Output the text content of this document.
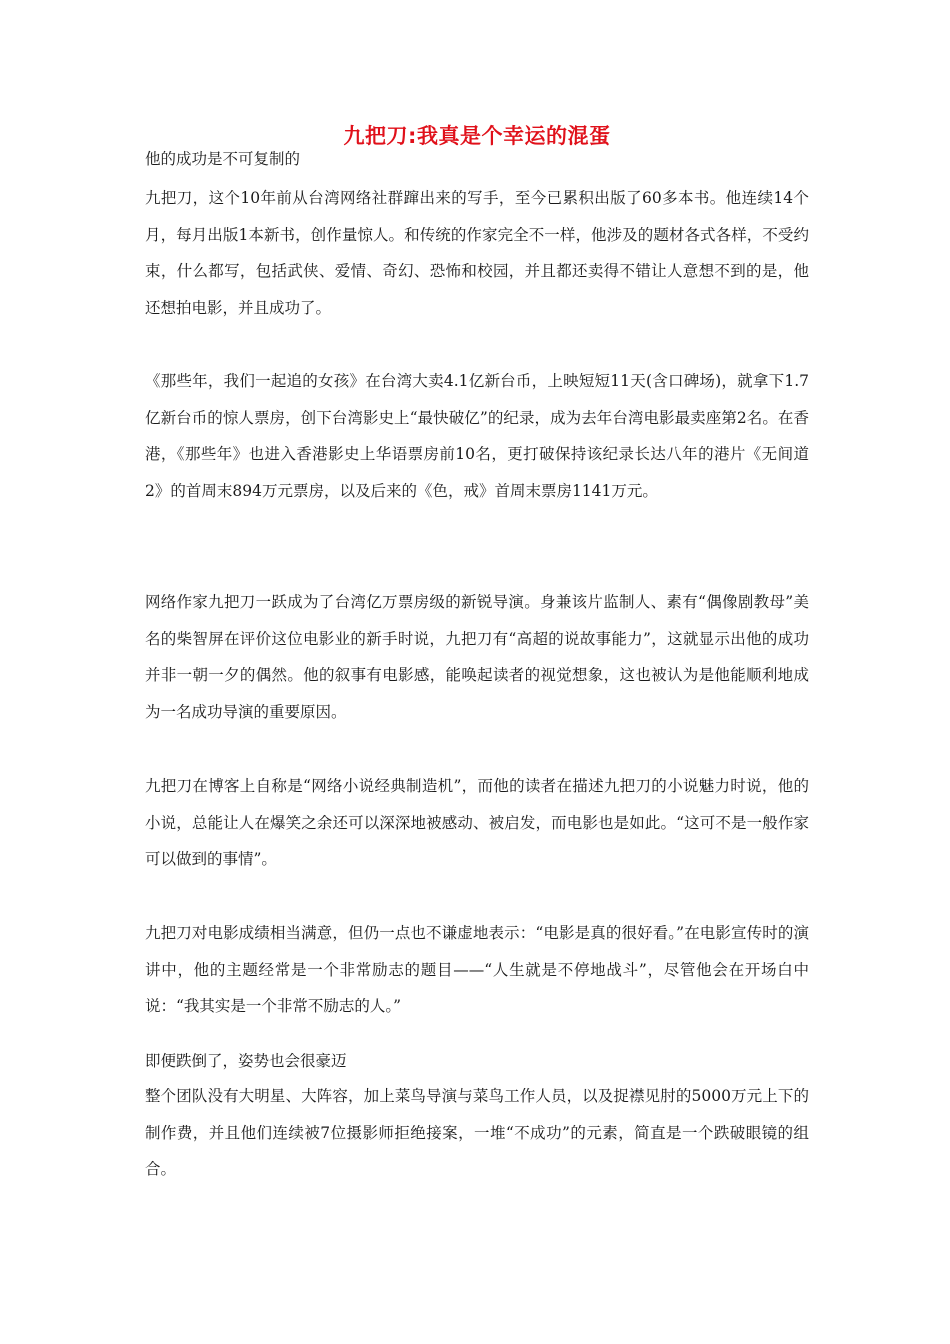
九把刀:我真是个幸运的混蛋

他的成功是不可复制的

九把刀，这个10年前从台湾网络社群蹿出来的写手，至今已累积出版了60多本书。他连续14个月，每月出版1本新书，创作量惊人。和传统的作家完全不一样，他涉及的题材各式各样，不受约束，什么都写，包括武侠、爱情、奇幻、恐怖和校园，并且都还卖得不错让人意想不到的是，他还想拍电影，并且成功了。

《那些年，我们一起追的女孩》在台湾大卖4.1亿新台币，上映短短11天(含口碑场)，就拿下1.7亿新台币的惊人票房，创下台湾影史上“最快破亿”的纪录，成为去年台湾电影最卖座第2名。在香港，《那些年》也进入香港影史上华语票房前10名，更打破保持该纪录长达八年的港片《无间道2》的首周末894万元票房，以及后来的《色，戒》首周末票房1141万元。

网络作家九把刀一跃成为了台湾亿万票房级的新锐导演。身兼该片监制人、素有“偶像剧教母”美名的柴智屏在评价这位电影业的新手时说，九把刀有“高超的说故事能力”，这就显示出他的成功并非一朝一夕的偶然。他的叙事有电影感，能唤起读者的视觉想象，这也被认为是他能顺利地成为一名成功导演的重要原因。

九把刀在博客上自称是“网络小说经典制造机”，而他的读者在描述九把刀的小说魅力时说，他的小说，总能让人在爆笑之余还可以深深地被感动、被启发，而电影也是如此。“这可不是一般作家可以做到的事情”。

九把刀对电影成绩相当满意，但仍一点也不谦虚地表示：“电影是真的很好看。”在电影宣传时的演讲中，他的主题经常是一个非常励志的题目——“人生就是不停地战斗”，尽管他会在开场白中说：“我其实是一个非常不励志的人。”

即便跌倒了，姿势也会很豪迈

整个团队没有大明星、大阵容，加上菜鸟导演与菜鸟工作人员，以及捉襟见肘的5000万元上下的制作费，并且他们连续被7位摄影师拒绝接案，一堆“不成功”的元素，简直是一个跌破眼镜的组合。
